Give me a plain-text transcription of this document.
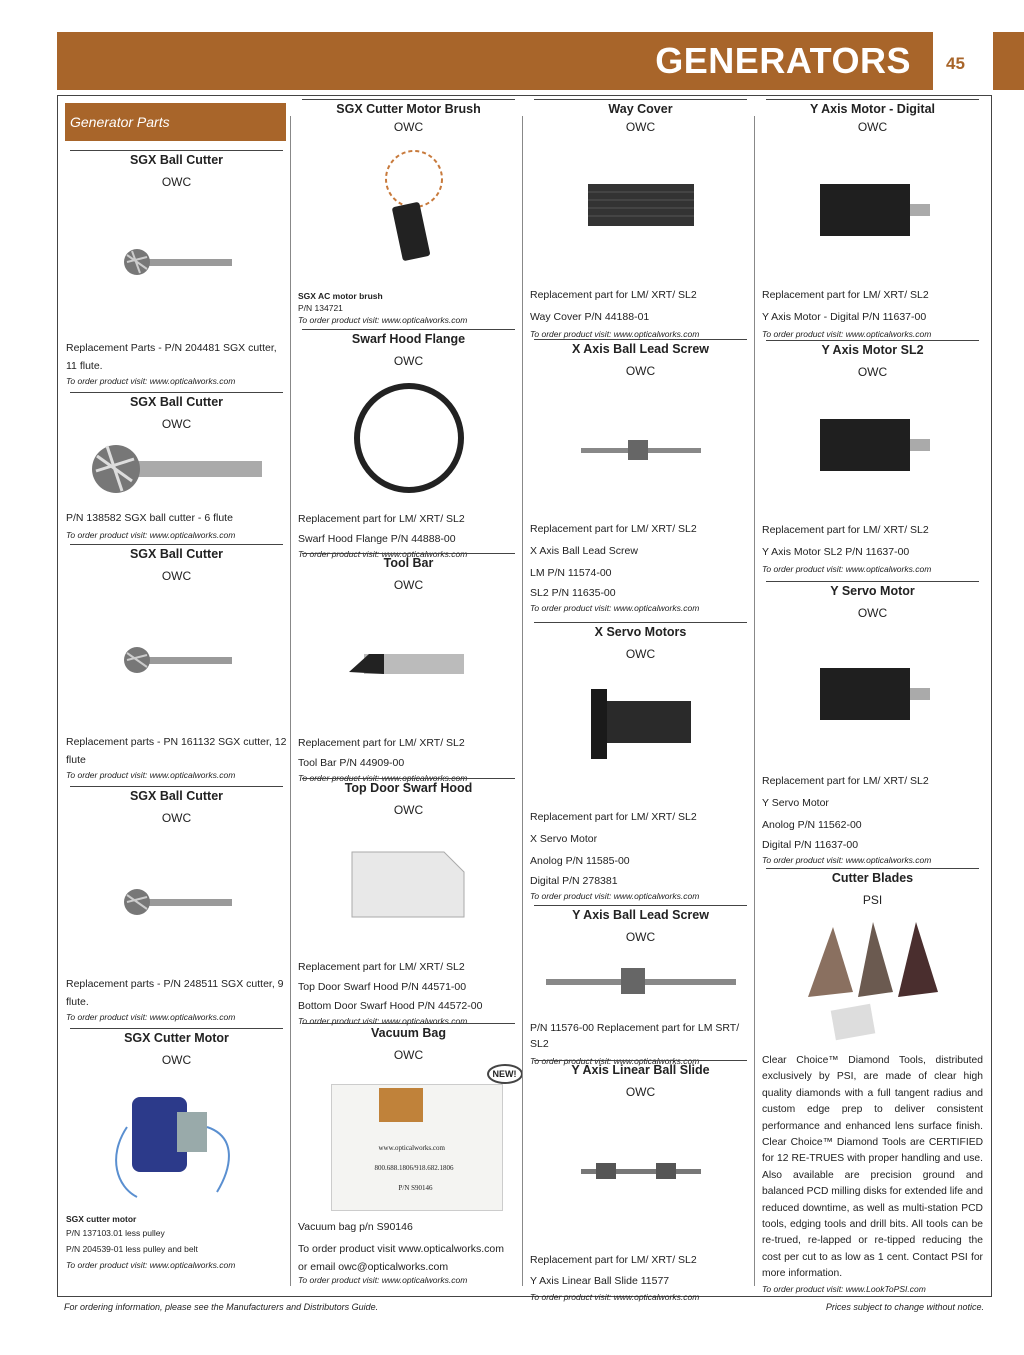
GENERATORS 45
Generator Parts
SGX Ball Cutter
OWC
Replacement Parts - P/N 204481 SGX cutter, 11 flute.
To order product visit: www.opticalworks.com
SGX Ball Cutter
OWC
P/N 138582 SGX ball cutter - 6 flute
To order product visit: www.opticalworks.com
SGX Ball Cutter
OWC
Replacement parts - PN 161132 SGX cutter, 12 flute
To order product visit: www.opticalworks.com
SGX Ball Cutter
OWC
Replacement parts - P/N 248511 SGX cutter, 9 flute.
To order product visit: www.opticalworks.com
SGX Cutter Motor
OWC
SGX cutter motor
P/N 137103.01 less pulley
P/N 204539-01 less pulley and belt
To order product visit: www.opticalworks.com
SGX Cutter Motor Brush
OWC
SGX AC motor brush
P/N 134721
To order product visit: www.opticalworks.com
Swarf Hood Flange
OWC
Replacement part for LM/ XRT/ SL2
Swarf Hood Flange P/N 44888-00
To order product visit: www.opticalworks.com
Tool Bar
OWC
Replacement part for LM/ XRT/ SL2
Tool Bar P/N 44909-00
To order product visit: www.opticalworks.com
Top Door Swarf Hood
OWC
Replacement part for LM/ XRT/ SL2
Top Door Swarf Hood P/N 44571-00
Bottom Door Swarf Hood P/N 44572-00
To order product visit: www.opticalworks.com
Vacuum Bag
OWC
NEW!
www.opticalworks.com
800.688.1806/918.682.1806
P/N S90146
Vacuum bag p/n S90146
To order product visit www.opticalworks.com
or email owc@opticalworks.com
To order product visit: www.opticalworks.com
Way Cover
OWC
Replacement part for LM/ XRT/ SL2
Way Cover P/N 44188-01
To order product visit: www.opticalworks.com
X Axis Ball Lead Screw
OWC
Replacement part for LM/ XRT/ SL2
X Axis Ball Lead Screw
LM P/N 11574-00
SL2 P/N 11635-00
To order product visit: www.opticalworks.com
X Servo Motors
OWC
Replacement part for LM/ XRT/ SL2
X Servo Motor
Anolog P/N 11585-00
Digital P/N 278381
To order product visit: www.opticalworks.com
Y Axis Ball Lead Screw
OWC
P/N 11576-00 Replacement part for LM SRT/ SL2
To order product visit: www.opticalworks.com
Y Axis Linear Ball Slide
OWC
Replacement part for LM/ XRT/ SL2
Y Axis Linear Ball Slide 11577
To order product visit: www.opticalworks.com
Y Axis Motor - Digital
OWC
Replacement part for LM/ XRT/ SL2
Y Axis Motor - Digital P/N 11637-00
To order product visit: www.opticalworks.com
Y Axis Motor SL2
OWC
Replacement part for LM/ XRT/ SL2
Y Axis Motor SL2 P/N 11637-00
To order product visit: www.opticalworks.com
Y Servo Motor
OWC
Replacement part for LM/ XRT/ SL2
Y Servo Motor
Anolog P/N 11562-00
Digital P/N 11637-00
To order product visit: www.opticalworks.com
Cutter Blades
PSI
Clear Choice™ Diamond Tools, distributed exclusively by PSI, are made of clear high quality diamonds with a full tangent radius and custom edge prep to deliver consistent performance and enhanced lens surface finish. Clear Choice™ Diamond Tools are CERTIFIED for 12 RE-TRUES with proper handling and use. Also available are precision ground and balanced PCD milling disks for extended life and reduced downtime, as well as multi-station PCD tools, edging tools and drill bits. All tools can be re-trued, re-lapped or re-tipped reducing the cost per cut to as low as 1 cent. Contact PSI for more information.
To order product visit: www.LookToPSI.com
For ordering information, please see the Manufacturers and Distributors Guide.	Prices subject to change without notice.
